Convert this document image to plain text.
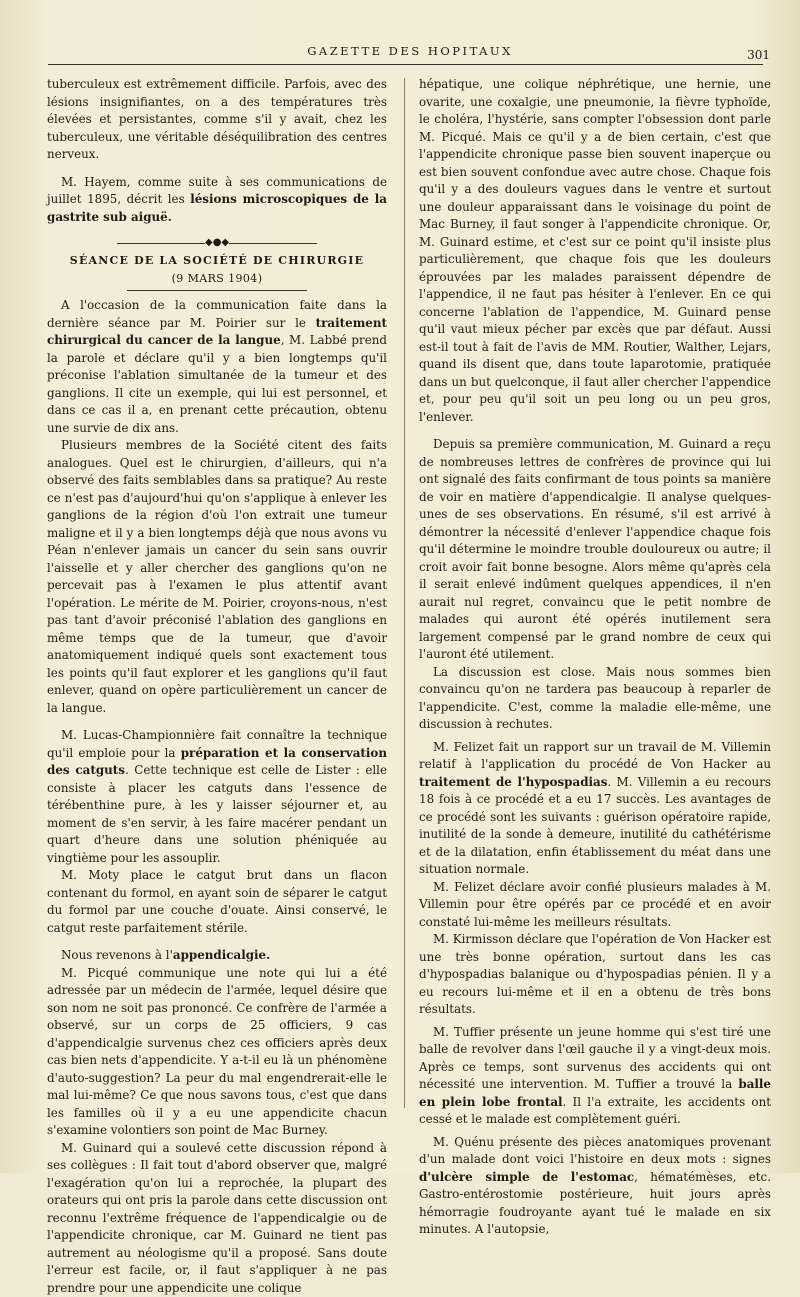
GAZETTE DES HOPITAUX	301

tuberculeux est extrêmement difficile. Parfois, avec des lésions insignifiantes, on a des températures très élevées et persistantes, comme s'il y avait, chez les tuberculeux, une véritable déséquilibration des centres nerveux.

M. Hayem, comme suite à ses communications de juillet 1895, décrit les lésions microscopiques de la gastrite sub aiguë.

◆●◆
SÉANCE DE LA SOCIÉTÉ DE CHIRURGIE
(9 MARS 1904)

A l'occasion de la communication faite dans la dernière séance par M. Poirier sur le traitement chirurgical du cancer de la langue, M. Labbé prend la parole et déclare qu'il y a bien longtemps qu'il préconise l'ablation simultanée de la tumeur et des ganglions. Il cite un exemple, qui lui est personnel, et dans ce cas il a, en prenant cette précaution, obtenu une survie de dix ans.

Plusieurs membres de la Société citent des faits analogues. Quel est le chirurgien, d'ailleurs, qui n'a observé des faits semblables dans sa pratique? Au reste ce n'est pas d'aujourd'hui qu'on s'applique à enlever les ganglions de la région d'où l'on extrait une tumeur maligne et il y a bien longtemps déjà que nous avons vu Péan n'enlever jamais un cancer du sein sans ouvrir l'aisselle et y aller chercher des ganglions qu'on ne percevait pas à l'examen le plus attentif avant l'opération. Le mérite de M. Poirier, croyons-nous, n'est pas tant d'avoir préconisé l'ablation des ganglions en même temps que de la tumeur, que d'avoir anatomiquement indiqué quels sont exactement tous les points qu'il faut explorer et les ganglions qu'il faut enlever, quand on opère particulièrement un cancer de la langue.

M. Lucas-Championnière fait connaître la technique qu'il emploie pour la préparation et la conservation des catguts. Cette technique est celle de Lister : elle consiste à placer les catguts dans l'essence de térébenthine pure, à les y laisser séjourner et, au moment de s'en servir, à les faire macérer pendant un quart d'heure dans une solution phéniquée au vingtième pour les assouplir.

M. Moty place le catgut brut dans un flacon contenant du formol, en ayant soin de séparer le catgut du formol par une couche d'ouate. Ainsi conservé, le catgut reste parfaitement stérile.

Nous revenons à l'appendicalgie.

M. Picqué communique une note qui lui a été adressée par un médecin de l'armée, lequel désire que son nom ne soit pas prononcé. Ce confrère de l'armée a observé, sur un corps de 25 officiers, 9 cas d'appendicalgie survenus chez ces officiers après deux cas bien nets d'appendicite. Y a-t-il eu là un phénomène d'auto-suggestion? La peur du mal engendrerait-elle le mal lui-même? Ce que nous savons tous, c'est que dans les familles où il y a eu une appendicite chacun s'examine volontiers son point de Mac Burney.

M. Guinard qui a soulevé cette discussion répond à ses collègues : Il fait tout d'abord observer que, malgré l'exagération qu'on lui a reprochée, la plupart des orateurs qui ont pris la parole dans cette discussion ont reconnu l'extrême fréquence de l'appendicalgie ou de l'appendicite chronique, car M. Guinard ne tient pas autrement au néologisme qu'il a proposé. Sans doute l'erreur est facile, or, il faut s'appliquer à ne pas prendre pour une appendicite une colique

hépatique, une colique néphrétique, une hernie, une ovarite, une coxalgie, une pneumonie, la fièvre typhoïde, le choléra, l'hystérie, sans compter l'obsession dont parle M. Picqué. Mais ce qu'il y a de bien certain, c'est que l'appendicite chronique passe bien souvent inaperçue ou est bien souvent confondue avec autre chose. Chaque fois qu'il y a des douleurs vagues dans le ventre et surtout une douleur apparaissant dans le voisinage du point de Mac Burney, il faut songer à l'appendicite chronique. Or, M. Guinard estime, et c'est sur ce point qu'il insiste plus particulièrement, que chaque fois que les douleurs éprouvées par les malades paraissent dépendre de l'appendice, il ne faut pas hésiter à l'enlever. En ce qui concerne l'ablation de l'appendice, M. Guinard pense qu'il vaut mieux pécher par excès que par défaut. Aussi est-il tout à fait de l'avis de MM. Routier, Walther, Lejars, quand ils disent que, dans toute laparotomie, pratiquée dans un but quelconque, il faut aller chercher l'appendice et, pour peu qu'il soit un peu long ou un peu gros, l'enlever.

Depuis sa première communication, M. Guinard a reçu de nombreuses lettres de confrères de province qui lui ont signalé des faits confirmant de tous points sa manière de voir en matière d'appendicalgie. Il analyse quelques-unes de ses observations. En résumé, s'il est arrivé à démontrer la nécessité d'enlever l'appendice chaque fois qu'il détermine le moindre trouble douloureux ou autre; il croit avoir fait bonne besogne. Alors même qu'après cela il serait enlevé indûment quelques appendices, il n'en aurait nul regret, convaincu que le petit nombre de malades qui auront été opérés inutilement sera largement compensé par le grand nombre de ceux qui l'auront été utilement.

La discussion est close. Mais nous sommes bien convaincu qu'on ne tardera pas beaucoup à reparler de l'appendicite. C'est, comme la maladie elle-même, une discussion à rechutes.

M. Felizet fait un rapport sur un travail de M. Villemin relatif à l'application du procédé de Von Hacker au traitement de l'hypospadias. M. Villemin a eu recours 18 fois à ce procédé et a eu 17 succès. Les avantages de ce procédé sont les suivants : guérison opératoire rapide, inutilité de la sonde à demeure, inutilité du cathétérisme et de la dilatation, enfin établissement du méat dans une situation normale.

M. Felizet déclare avoir confié plusieurs malades à M. Villemin pour être opérés par ce procédé et en avoir constaté lui-même les meilleurs résultats.

M. Kirmisson déclare que l'opération de Von Hacker est une très bonne opération, surtout dans les cas d'hypospadias balanique ou d'hypospadias pénien. Il y a eu recours lui-même et il en a obtenu de très bons résultats.

M. Tuffier présente un jeune homme qui s'est tiré une balle de revolver dans l'œil gauche il y a vingt-deux mois. Après ce temps, sont survenus des accidents qui ont nécessité une intervention. M. Tuffier a trouvé la balle en plein lobe frontal. Il l'a extraite, les accidents ont cessé et le malade est complètement guéri.

M. Quénu présente des pièces anatomiques provenant d'un malade dont voici l'histoire en deux mots : signes d'ulcère simple de l'estomac, hématémèses, etc. Gastro-entérostomie postérieure, huit jours après hémorragie foudroyante ayant tué le malade en six minutes. A l'autopsie,
